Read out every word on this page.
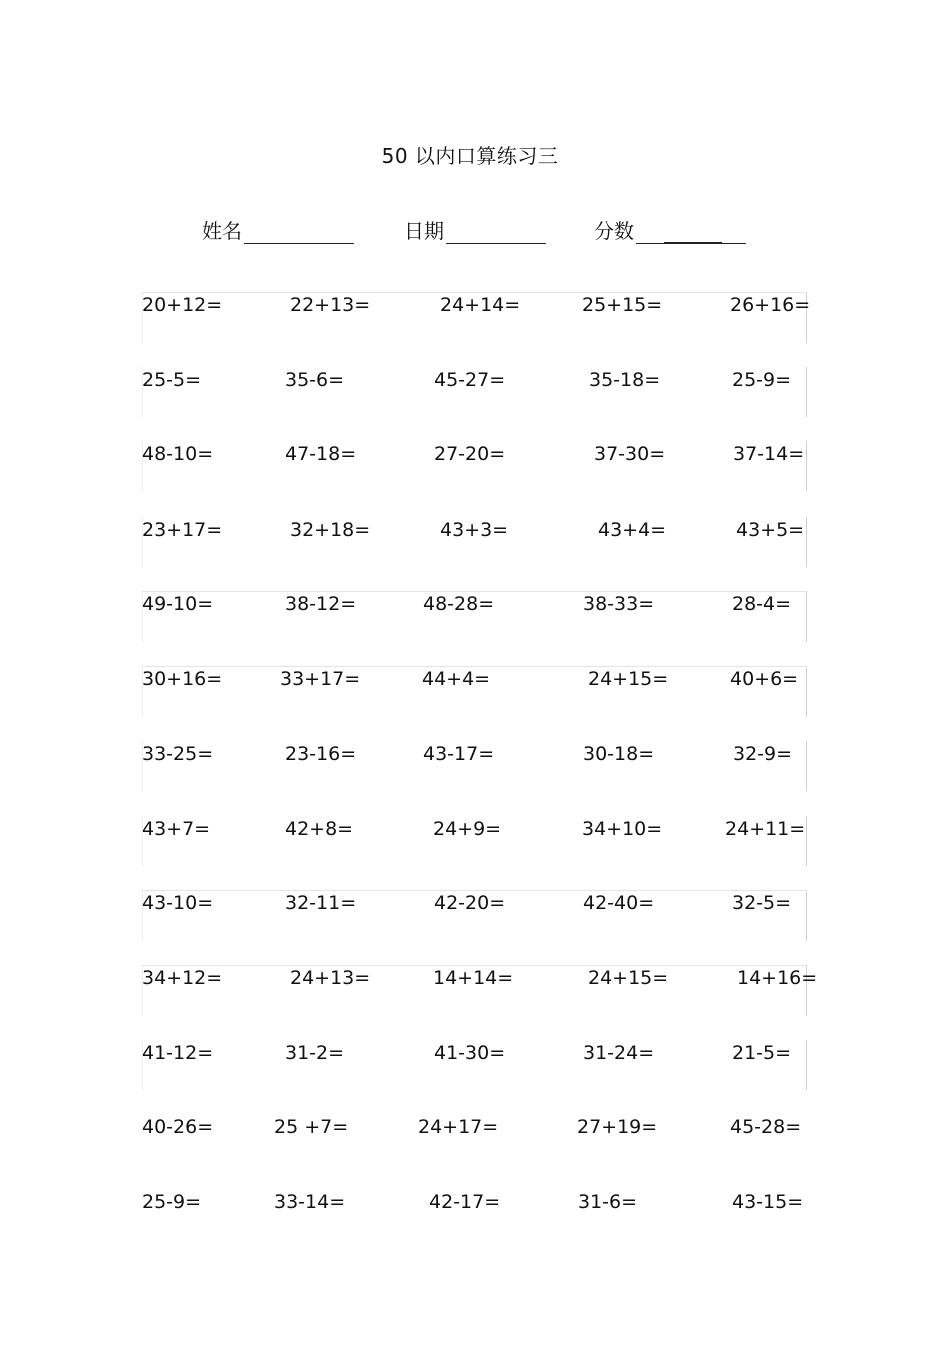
50 以内口算练习三
姓名	日期	分数
20+12=	22+13=	24+14=	25+15=	26+16=
25-5=	35-6=	45-27=	35-18=	25-9=
48-10=	47-18=	27-20=	37-30=	37-14=
23+17=	32+18=	43+3=	43+4=	43+5=
49-10=	38-12=	48-28=	38-33=	28-4=
30+16=	33+17=	44+4=	24+15=	40+6=
33-25=	23-16=	43-17=	30-18=	32-9=
43+7=	42+8=	24+9=	34+10=	24+11=
43-10=	32-11=	42-20=	42-40=	32-5=
34+12=	24+13=	14+14=	24+15=	14+16=
41-12=	31-2=	41-30=	31-24=	21-5=
40-26=	25 +7=	24+17=	27+19=	45-28=
25-9=	33-14=	42-17=	31-6=	43-15=
